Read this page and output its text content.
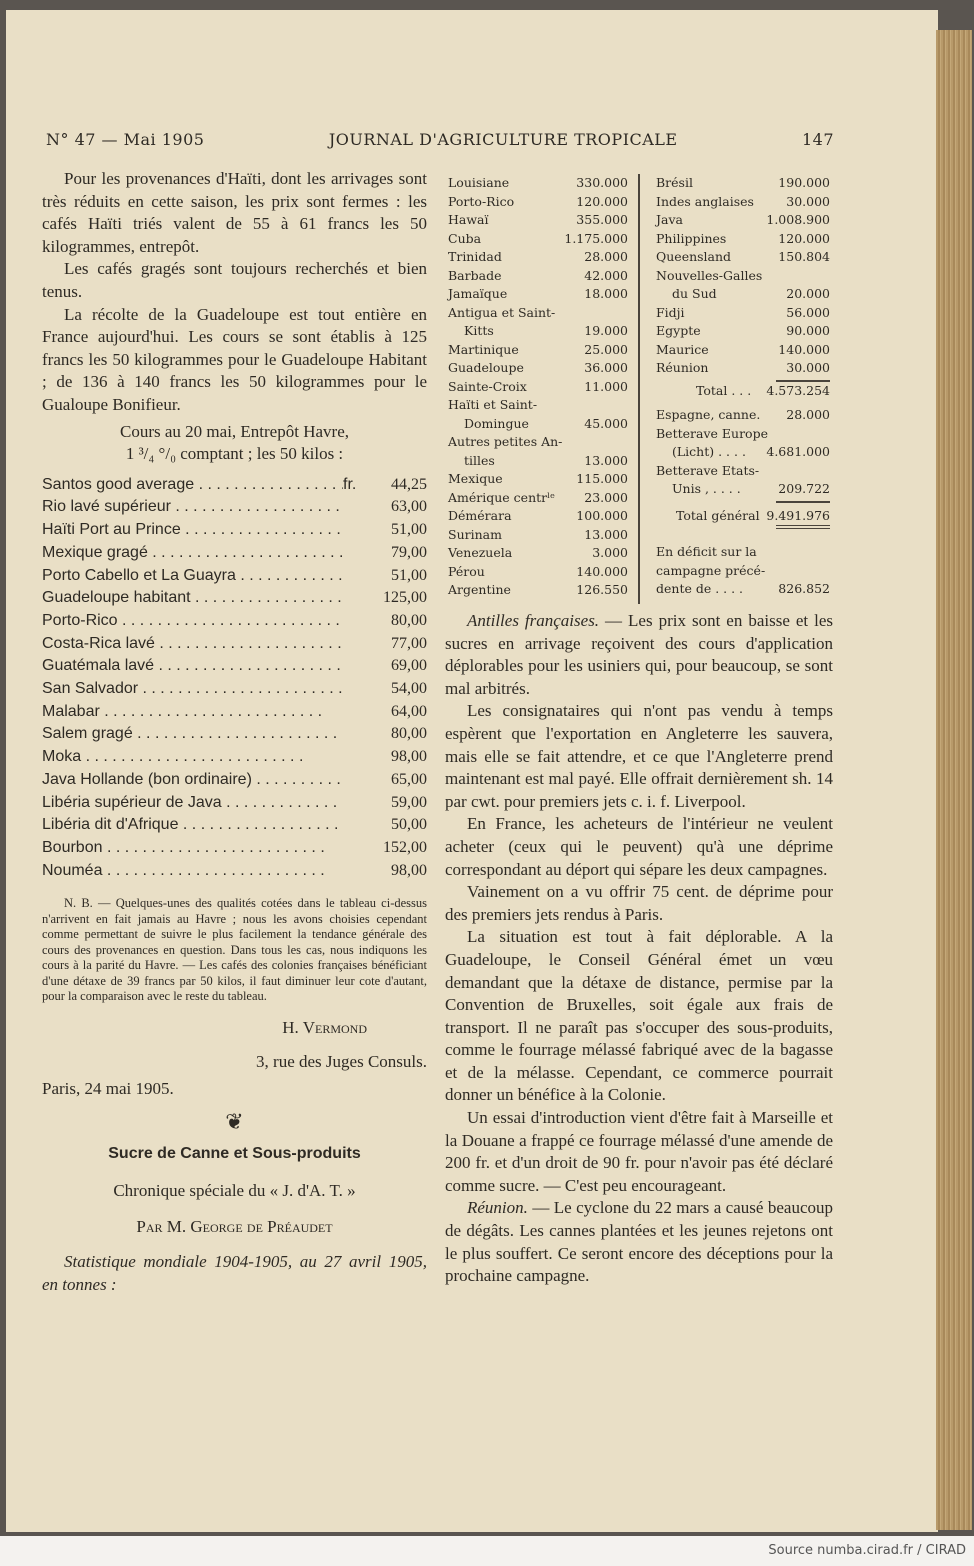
N° 47 — Mai 1905	JOURNAL D'AGRICULTURE TROPICALE	147

Pour les provenances d'Haïti, dont les arrivages sont très réduits en cette saison, les prix sont fermes : les cafés Haïti triés valent de 55 à 61 francs les 50 kilogrammes, entrepôt.

Les cafés gragés sont toujours recherchés et bien tenus.

La récolte de la Guadeloupe est tout entière en France aujourd'hui. Les cours se sont établis à 125 francs les 50 kilogrammes pour le Guadeloupe Habitant ; de 136 à 140 francs les 50 kilogrammes pour le Gualoupe Bonifieur.

Cours au 20 mai, Entrepôt Havre,

1 ³/₄ °/₀ comptant ; les 50 kilos :

Santos good average . . .	fr.	44,25
Rio lavé supérieur . . .	63,00
Haïti Port au Prince . . .	51,00
Mexique gragé . . .	79,00
Porto Cabello et La Guayra . . .	51,00
Guadeloupe habitant . . .	125,00
Porto-Rico . . .	80,00
Costa-Rica lavé . . .	77,00
Guatémala lavé . . .	69,00
San Salvador . . .	54,00
Malabar . . .	64,00
Salem gragé . . .	80,00
Moka . . .	98,00
Java Hollande (bon ordinaire) . . .	65,00
Libéria supérieur de Java . . .	59,00
Libéria dit d'Afrique . . .	50,00
Bourbon . . .	152,00
Nouméa . . .	98,00
N. B. — Quelques-unes des qualités cotées dans le tableau ci-dessus n'arrivent en fait jamais au Havre ; nous les avons choisies cependant comme permettant de suivre le plus facilement la tendance générale des cours des provenances en question. Dans tous les cas, nous indiquons les cours à la parité du Havre. — Les cafés des colonies françaises bénéficiant d'une détaxe de 39 francs par 50 kilos, il faut diminuer leur cote d'autant, pour la comparaison avec le reste du tableau.

H. Vermond

3, rue des Juges Consuls.

Paris, 24 mai 1905.

❦

Sucre de Canne et Sous-produits

Chronique spéciale du « J. d'A. T. »

Par M. George de Préaudet

Statistique mondiale 1904-1905, au 27 avril 1905, en tonnes :

Louisiane	330.000
Porto-Rico	120.000
Hawaï	355.000
Cuba	1.175.000
Trinidad	28.000
Barbade	42.000
Jamaïque	18.000
Antigua et Saint-
Kitts	19.000
Martinique	25.000
Guadeloupe	36.000
Sainte-Croix	11.000
Haïti et Saint-
Domingue	45.000
Autres petites An-
tilles	13.000
Mexique	115.000
Amérique centrˡᵉ 23.000
Démérara	100.000
Surinam	13.000
Venezuela	3.000
Pérou	140.000
Argentine	126.550
Brésil	190.000
Indes anglaises	30.000
Java	1.008.900
Philippines	120.000
Queensland	150.804
Nouvelles-Galles
du Sud	20.000
Fidji	56.000
Egypte	90.000
Maurice	140.000
Réunion	30.000
Total . . . 4.573.254
Espagne, canne. 28.000
Betterave Europe
(Licht) . . . . 4.681.000
Betterave Etats-
Unis , . . . .	209.722
Total général 9.491.976
En déficit sur la
campagne précé-
dente de . . . .	826.852

Antilles françaises. — Les prix sont en baisse et les sucres en arrivage reçoivent des cours d'application déplorables pour les usiniers qui, pour beaucoup, se sont mal arbitrés.

Les consignataires qui n'ont pas vendu à temps espèrent que l'exportation en Angleterre les sauvera, mais elle se fait attendre, et ce que l'Angleterre prend maintenant est mal payé. Elle offrait dernièrement sh. 14 par cwt. pour premiers jets c. i. f. Liverpool.

En France, les acheteurs de l'intérieur ne veulent acheter (ceux qui le peuvent) qu'à une déprime correspondant au déport qui sépare les deux campagnes.

Vainement on a vu offrir 75 cent. de déprime pour des premiers jets rendus à Paris.

La situation est tout à fait déplorable. A la Guadeloupe, le Conseil Général émet un vœu demandant que la détaxe de distance, permise par la Convention de Bruxelles, soit égale aux frais de transport. Il ne paraît pas s'occuper des sous-produits, comme le fourrage mélassé fabriqué avec de la bagasse et de la mélasse. Cependant, ce commerce pourrait donner un bénéfice à la Colonie.

Un essai d'introduction vient d'être fait à Marseille et la Douane a frappé ce fourrage mélassé d'une amende de 200 fr. et d'un droit de 90 fr. pour n'avoir pas été déclaré comme sucre. — C'est peu encourageant.

Réunion. — Le cyclone du 22 mars a causé beaucoup de dégâts. Les cannes plantées et les jeunes rejetons ont le plus souffert. Ce seront encore des déceptions pour la prochaine campagne.

Source numba.cirad.fr / CIRAD
